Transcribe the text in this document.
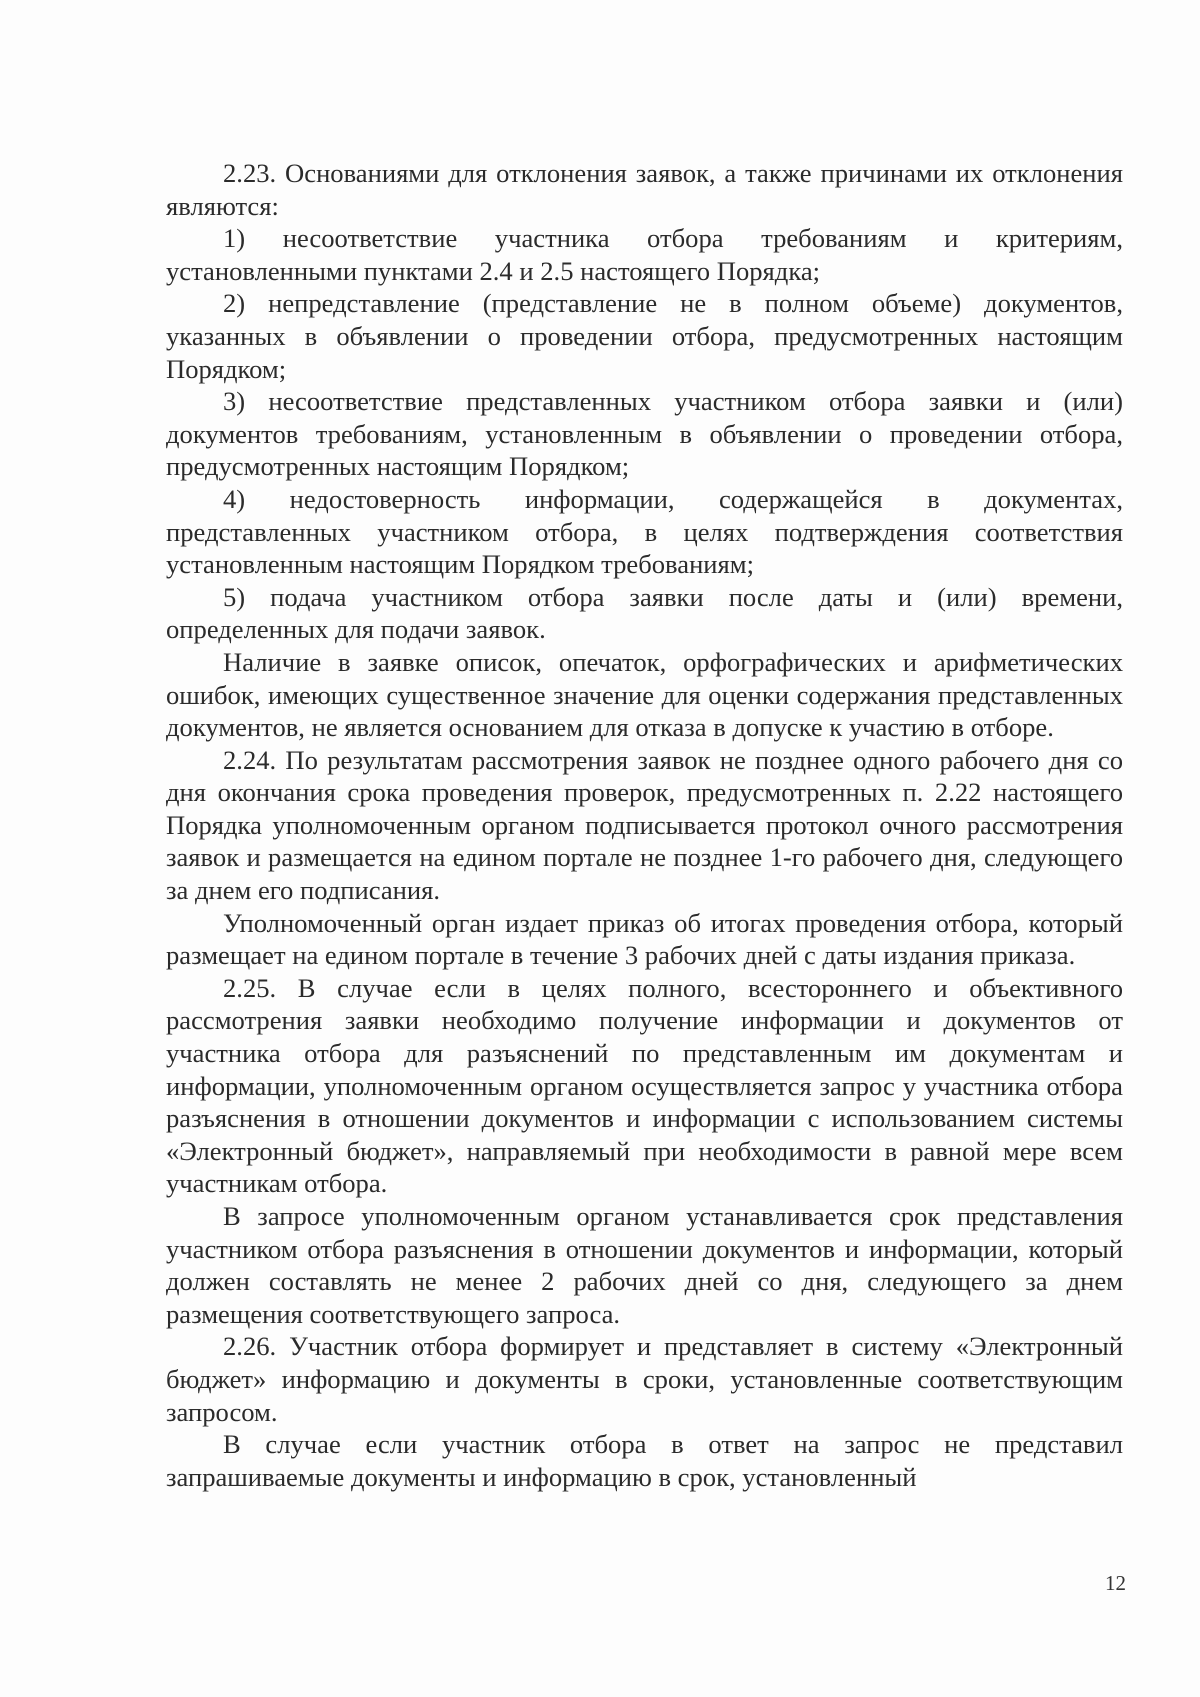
2.23. Основаниями для отклонения заявок, а также причинами их отклонения являются:

1) несоответствие участника отбора требованиям и критериям, установленными пунктами 2.4 и 2.5 настоящего Порядка;

2) непредставление (представление не в полном объеме) документов, указанных в объявлении о проведении отбора, предусмотренных настоящим Порядком;

3) несоответствие представленных участником отбора заявки и (или) документов требованиям, установленным в объявлении о проведении отбора, предусмотренных настоящим Порядком;

4) недостоверность информации, содержащейся в документах, представленных участником отбора, в целях подтверждения соответствия установленным настоящим Порядком требованиям;

5) подача участником отбора заявки после даты и (или) времени, определенных для подачи заявок.

Наличие в заявке описок, опечаток, орфографических и арифметических ошибок, имеющих существенное значение для оценки содержания представленных документов, не является основанием для отказа в допуске к участию в отборе.

2.24. По результатам рассмотрения заявок не позднее одного рабочего дня со дня окончания срока проведения проверок, предусмотренных п. 2.22 настоящего Порядка уполномоченным органом подписывается протокол очного рассмотрения заявок и размещается на едином портале не позднее 1-го рабочего дня, следующего за днем его подписания.

Уполномоченный орган издает приказ об итогах проведения отбора, который размещает на едином портале в течение 3 рабочих дней с даты издания приказа.

2.25. В случае если в целях полного, всестороннего и объективного рассмотрения заявки необходимо получение информации и документов от участника отбора для разъяснений по представленным им документам и информации, уполномоченным органом осуществляется запрос у участника отбора разъяснения в отношении документов и информации с использованием системы «Электронный бюджет», направляемый при необходимости в равной мере всем участникам отбора.

В запросе уполномоченным органом устанавливается срок представления участником отбора разъяснения в отношении документов и информации, который должен составлять не менее 2 рабочих дней со дня, следующего за днем размещения соответствующего запроса.

2.26. Участник отбора формирует и представляет в систему «Электронный бюджет» информацию и документы в сроки, установленные соответствующим запросом.

В случае если участник отбора в ответ на запрос не представил запрашиваемые документы и информацию в срок, установленный

12
